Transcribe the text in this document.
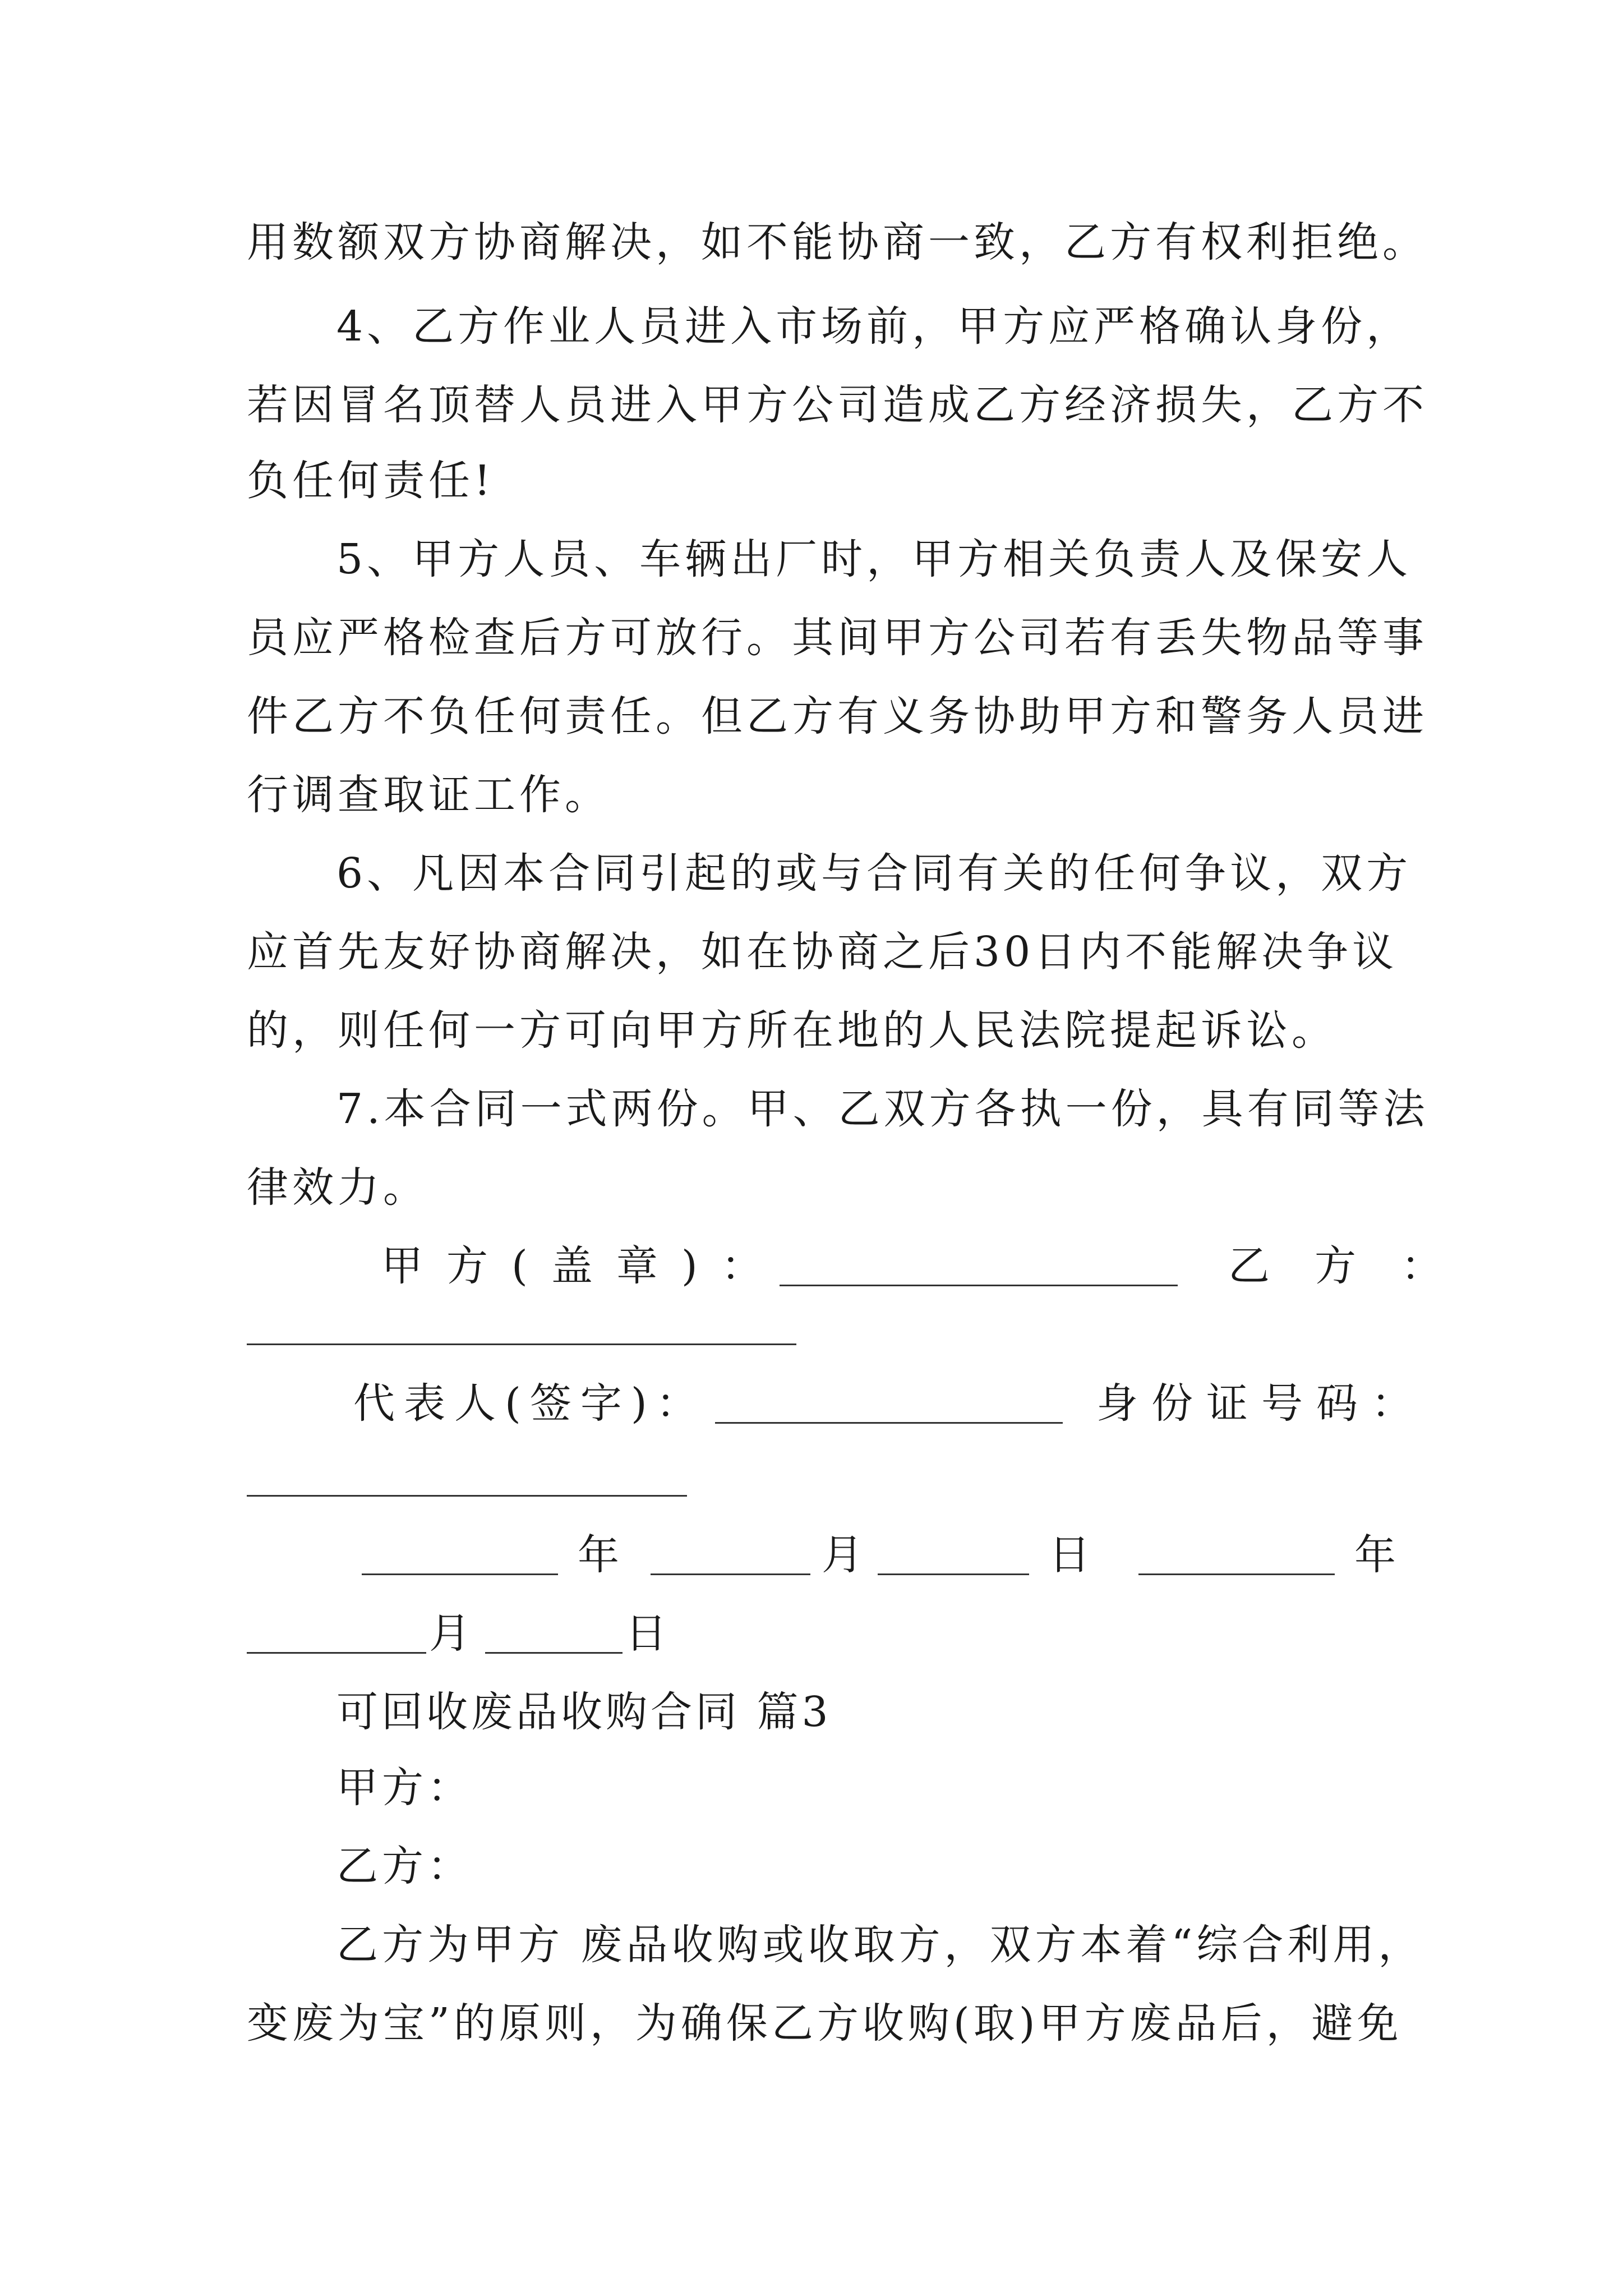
用数额双方协商解决，如不能协商一致，乙方有权利拒绝。
4、乙方作业人员进入市场前，甲方应严格确认身份，
若因冒名顶替人员进入甲方公司造成乙方经济损失，乙方不
负任何责任!
5、甲方人员、车辆出厂时，甲方相关负责人及保安人
员应严格检查后方可放行。其间甲方公司若有丢失物品等事
件乙方不负任何责任。但乙方有义务协助甲方和警务人员进
行调查取证工作。
6、凡因本合同引起的或与合同有关的任何争议，双方
应首先友好协商解决，如在协商之后30日内不能解决争议
的，则任何一方可向甲方所在地的人民法院提起诉讼。
7.本合同一式两份。甲、乙双方各执一份，具有同等法
律效力。
甲方(盖章)：	乙方：
代表人(签字)：	身份证号码：
年	月	日	年
月	日
可回收废品收购合同 篇3
甲方：
乙方：
乙方为甲方 废品收购或收取方，双方本着“综合利用，
变废为宝”的原则，为确保乙方收购(取)甲方废品后，避免
